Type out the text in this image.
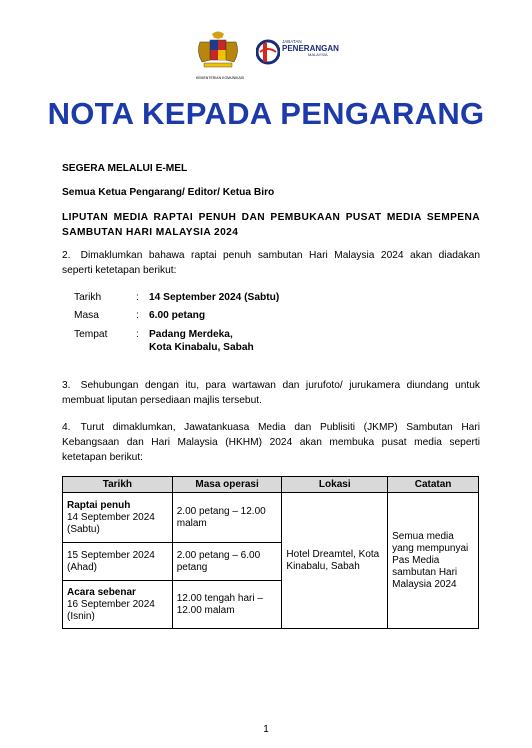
KEMENTERIAN KOMUNIKASI
JABATAN
PENERANGAN
MALAYSIA
NOTA KEPADA PENGARANG
SEGERA MELALUI E-MEL
Semua Ketua Pengarang/ Editor/ Ketua Biro
LIPUTAN MEDIA RAPTAI PENUH DAN PEMBUKAAN PUSAT MEDIA SEMPENA SAMBUTAN HARI MALAYSIA 2024
2. Dimaklumkan bahawa raptai penuh sambutan Hari Malaysia 2024 akan diadakan seperti ketetapan berikut:
Tarikh	: 14 September 2024 (Sabtu)
Masa	: 6.00 petang
Tempat	: Padang Merdeka,
Kota Kinabalu, Sabah
3. Sehubungan dengan itu, para wartawan dan jurufoto/ jurukamera diundang untuk membuat liputan persediaan majlis tersebut.
4. Turut dimaklumkan, Jawatankuasa Media dan Publisiti (JKMP) Sambutan Hari Kebangsaan dan Hari Malaysia (HKHM) 2024 akan membuka pusat media seperti ketetapan berikut:
Tarikh	Masa operasi	Lokasi	Catatan

Raptai penuh
14 September 2024
(Sabtu)	2.00 petang – 12.00 malam	Hotel Dreamtel, Kota Kinabalu, Sabah	Semua media yang mempunyai Pas Media sambutan Hari Malaysia 2024

15 September 2024
(Ahad)	2.00 petang – 6.00 petang		

Acara sebenar
16 September 2024
(Isnin)	12.00 tengah hari – 12.00 malam		
1
